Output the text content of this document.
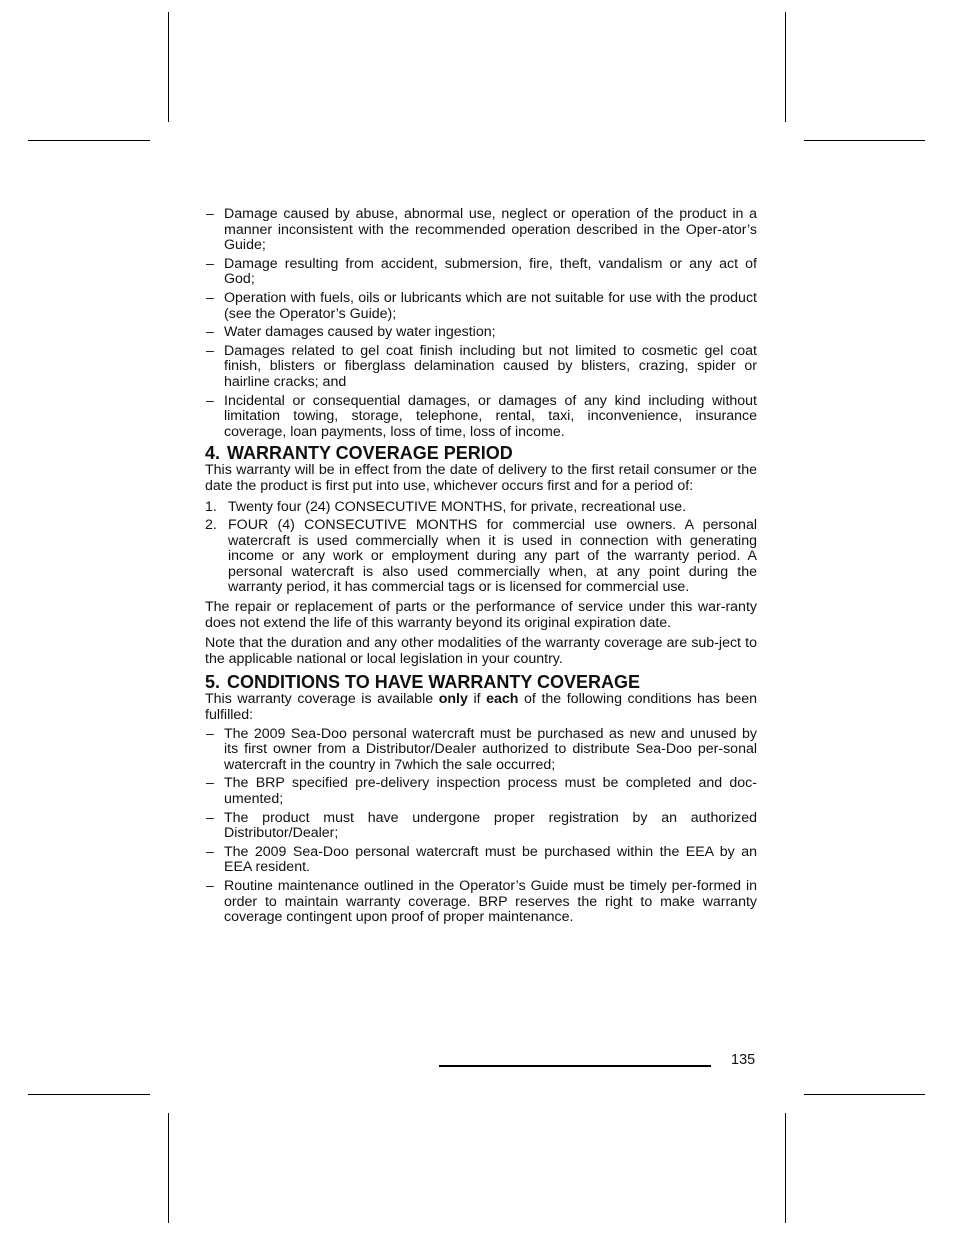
– Damage caused by abuse, abnormal use, neglect or operation of the product in a manner inconsistent with the recommended operation described in the Oper-ator’s Guide;
– Damage resulting from accident, submersion, fire, theft, vandalism or any act of God;
– Operation with fuels, oils or lubricants which are not suitable for use with the product (see the Operator’s Guide);
– Water damages caused by water ingestion;
– Damages related to gel coat finish including but not limited to cosmetic gel coat finish, blisters or fiberglass delamination caused by blisters, crazing, spider or hairline cracks; and
– Incidental or consequential damages, or damages of any kind including without limitation towing, storage, telephone, rental, taxi, inconvenience, insurance coverage, loan payments, loss of time, loss of income.
4. WARRANTY COVERAGE PERIOD

This warranty will be in effect from the date of delivery to the first retail consumer or the date the product is first put into use, whichever occurs first and for a period of:

1. Twenty four (24) CONSECUTIVE MONTHS, for private, recreational use.
2. FOUR (4) CONSECUTIVE MONTHS for commercial use owners. A personal watercraft is used commercially when it is used in connection with generating income or any work or employment during any part of the warranty period. A personal watercraft is also used commercially when, at any point during the warranty period, it has commercial tags or is licensed for commercial use.

The repair or replacement of parts or the performance of service under this war-ranty does not extend the life of this warranty beyond its original expiration date.

Note that the duration and any other modalities of the warranty coverage are sub-ject to the applicable national or local legislation in your country.

5. CONDITIONS TO HAVE WARRANTY COVERAGE

This warranty coverage is available only if each of the following conditions has been fulfilled:

– The 2009 Sea-Doo personal watercraft must be purchased as new and unused by its first owner from a Distributor/Dealer authorized to distribute Sea-Doo per-sonal watercraft in the country in 7which the sale occurred;
– The BRP specified pre-delivery inspection process must be completed and doc-umented;
– The product must have undergone proper registration by an authorized Distributor/Dealer;
– The 2009 Sea-Doo personal watercraft must be purchased within the EEA by an EEA resident.
– Routine maintenance outlined in the Operator’s Guide must be timely per-formed in order to maintain warranty coverage. BRP reserves the right to make warranty coverage contingent upon proof of proper maintenance.
135
